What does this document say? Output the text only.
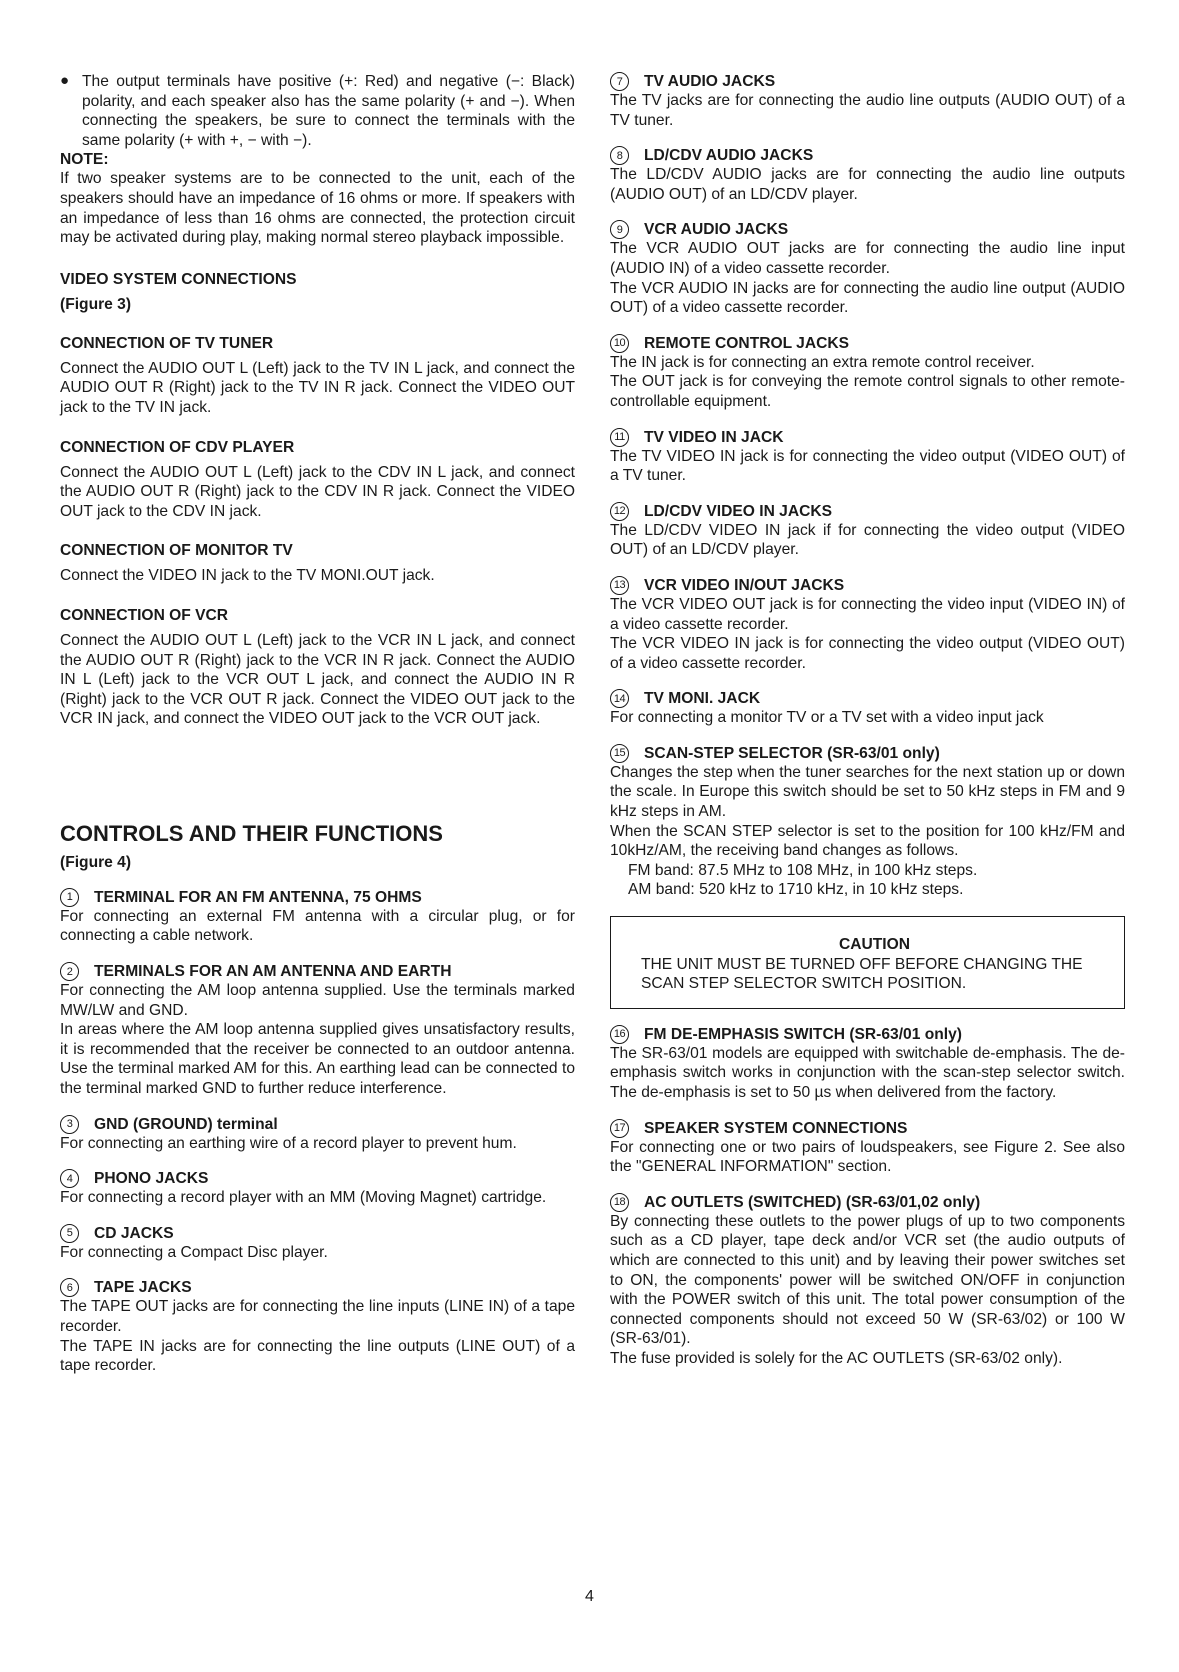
● The output terminals have positive (+: Red) and negative (−: Black) polarity, and each speaker also has the same polarity (+ and −). When connecting the speakers, be sure to connect the terminals with the same polarity (+ with +, − with −).

NOTE:

If two speaker systems are to be connected to the unit, each of the speakers should have an impedance of 16 ohms or more. If speakers with an impedance of less than 16 ohms are connected, the protection circuit may be activated during play, making normal stereo playback impossible.

VIDEO SYSTEM CONNECTIONS
(Figure 3)
CONNECTION OF TV TUNER

Connect the AUDIO OUT L (Left) jack to the TV IN L jack, and connect the AUDIO OUT R (Right) jack to the TV IN R jack. Connect the VIDEO OUT jack to the TV IN jack.

CONNECTION OF CDV PLAYER

Connect the AUDIO OUT L (Left) jack to the CDV IN L jack, and connect the AUDIO OUT R (Right) jack to the CDV IN R jack. Connect the VIDEO OUT jack to the CDV IN jack.

CONNECTION OF MONITOR TV

Connect the VIDEO IN jack to the TV MONI.OUT jack.

CONNECTION OF VCR

Connect the AUDIO OUT L (Left) jack to the VCR IN L jack, and connect the AUDIO OUT R (Right) jack to the VCR IN R jack. Connect the AUDIO IN L (Left) jack to the VCR OUT L jack, and connect the AUDIO IN R (Right) jack to the VCR OUT R jack. Connect the VIDEO OUT jack to the VCR IN jack, and connect the VIDEO OUT jack to the VCR OUT jack.

CONTROLS AND THEIR FUNCTIONS
(Figure 4)
1	TERMINAL FOR AN FM ANTENNA, 75 OHMS

For connecting an external FM antenna with a circular plug, or for connecting a cable network.

2	TERMINALS FOR AN AM ANTENNA AND EARTH

For connecting the AM loop antenna supplied. Use the terminals marked MW/LW and GND.

In areas where the AM loop antenna supplied gives unsatisfactory results, it is recommended that the receiver be connected to an outdoor antenna. Use the terminal marked AM for this. An earthing lead can be connected to the terminal marked GND to further reduce interference.

3	GND (GROUND) terminal

For connecting an earthing wire of a record player to prevent hum.

4	PHONO JACKS

For connecting a record player with an MM (Moving Magnet) cartridge.

5	CD JACKS

For connecting a Compact Disc player.

6	TAPE JACKS

The TAPE OUT jacks are for connecting the line inputs (LINE IN) of a tape recorder.

The TAPE IN jacks are for connecting the line outputs (LINE OUT) of a tape recorder.

7	TV AUDIO JACKS

The TV jacks are for connecting the audio line outputs (AUDIO OUT) of a TV tuner.

8	LD/CDV AUDIO JACKS

The LD/CDV AUDIO jacks are for connecting the audio line outputs (AUDIO OUT) of an LD/CDV player.

9	VCR AUDIO JACKS

The VCR AUDIO OUT jacks are for connecting the audio line input (AUDIO IN) of a video cassette recorder.

The VCR AUDIO IN jacks are for connecting the audio line output (AUDIO OUT) of a video cassette recorder.

10 REMOTE CONTROL JACKS

The IN jack is for connecting an extra remote control receiver.

The OUT jack is for conveying the remote control signals to other remote-controllable equipment.

11 TV VIDEO IN JACK

The TV VIDEO IN jack is for connecting the video output (VIDEO OUT) of a TV tuner.

12 LD/CDV VIDEO IN JACKS

The LD/CDV VIDEO IN jack if for connecting the video output (VIDEO OUT) of an LD/CDV player.

13 VCR VIDEO IN/OUT JACKS

The VCR VIDEO OUT jack is for connecting the video input (VIDEO IN) of a video cassette recorder.

The VCR VIDEO IN jack is for connecting the video output (VIDEO OUT) of a video cassette recorder.

14 TV MONI. JACK

For connecting a monitor TV or a TV set with a video input jack

15 SCAN-STEP SELECTOR (SR-63/01 only)

Changes the step when the tuner searches for the next station up or down the scale. In Europe this switch should be set to 50 kHz steps in FM and 9 kHz steps in AM.

When the SCAN STEP selector is set to the position for 100 kHz/FM and 10kHz/AM, the receiving band changes as follows.

FM band: 87.5 MHz to 108 MHz, in 100 kHz steps.

AM band: 520 kHz to 1710 kHz, in 10 kHz steps.

CAUTION
THE UNIT MUST BE TURNED OFF BEFORE CHANGING THE SCAN STEP SELECTOR SWITCH POSITION.
16 FM DE-EMPHASIS SWITCH (SR-63/01 only)

The SR-63/01 models are equipped with switchable de-emphasis. The de-emphasis switch works in conjunction with the scan-step selector switch. The de-emphasis is set to 50 µs when delivered from the factory.

17 SPEAKER SYSTEM CONNECTIONS

For connecting one or two pairs of loudspeakers, see Figure 2. See also the "GENERAL INFORMATION" section.

18 AC OUTLETS (SWITCHED) (SR-63/01,02 only)

By connecting these outlets to the power plugs of up to two components such as a CD player, tape deck and/or VCR set (the audio outputs of which are connected to this unit) and by leaving their power switches set to ON, the components' power will be switched ON/OFF in conjunction with the POWER switch of this unit. The total power consumption of the connected components should not exceed 50 W (SR-63/02) or 100 W (SR-63/01).

The fuse provided is solely for the AC OUTLETS (SR-63/02 only).

4
